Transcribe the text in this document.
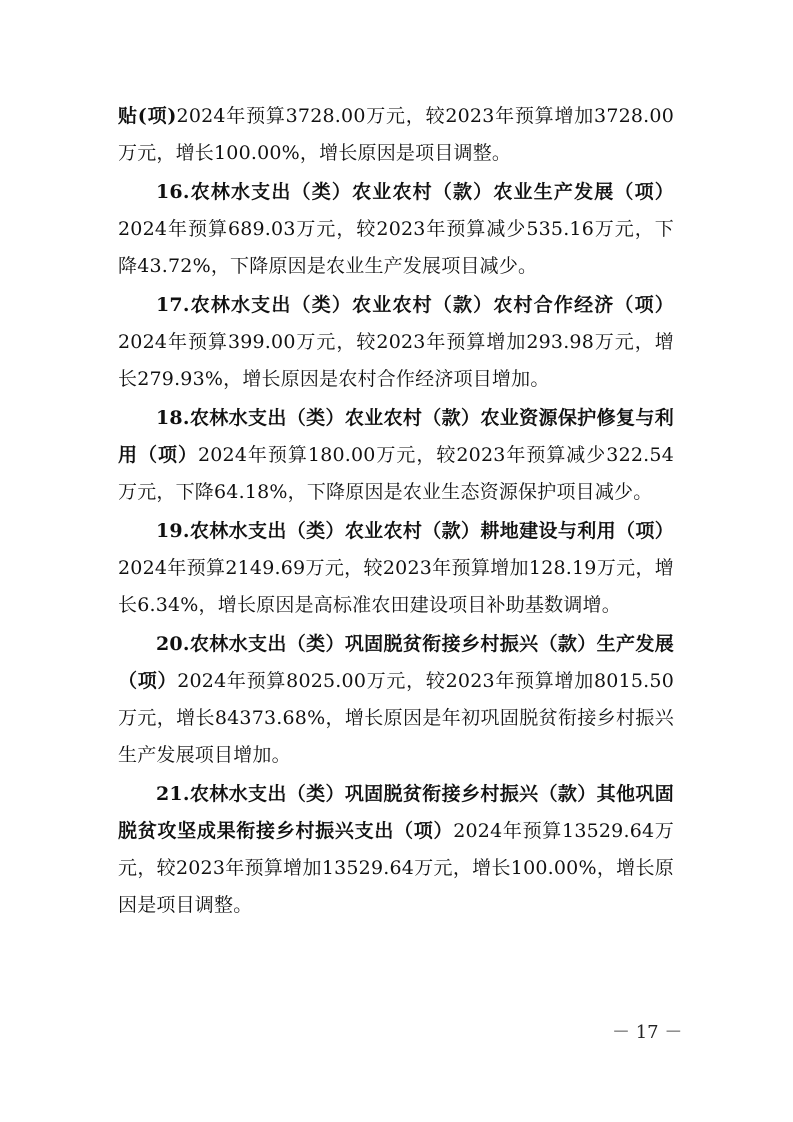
贴(项)2024年预算3728.00万元，较2023年预算增加3728.00万元，增长100.00%，增长原因是项目调整。

16.农林水支出（类）农业农村（款）农业生产发展（项）2024年预算689.03万元，较2023年预算减少535.16万元，下降43.72%，下降原因是农业生产发展项目减少。

17.农林水支出（类）农业农村（款）农村合作经济（项）2024年预算399.00万元，较2023年预算增加293.98万元，增长279.93%，增长原因是农村合作经济项目增加。

18.农林水支出（类）农业农村（款）农业资源保护修复与利用（项）2024年预算180.00万元，较2023年预算减少322.54万元，下降64.18%，下降原因是农业生态资源保护项目减少。

19.农林水支出（类）农业农村（款）耕地建设与利用（项）2024年预算2149.69万元，较2023年预算增加128.19万元，增长6.34%，增长原因是高标准农田建设项目补助基数调增。

20.农林水支出（类）巩固脱贫衔接乡村振兴（款）生产发展（项）2024年预算8025.00万元，较2023年预算增加8015.50万元，增长84373.68%，增长原因是年初巩固脱贫衔接乡村振兴生产发展项目增加。

21.农林水支出（类）巩固脱贫衔接乡村振兴（款）其他巩固脱贫攻坚成果衔接乡村振兴支出（项）2024年预算13529.64万元，较2023年预算增加13529.64万元，增长100.00%，增长原因是项目调整。

－ 17 －
